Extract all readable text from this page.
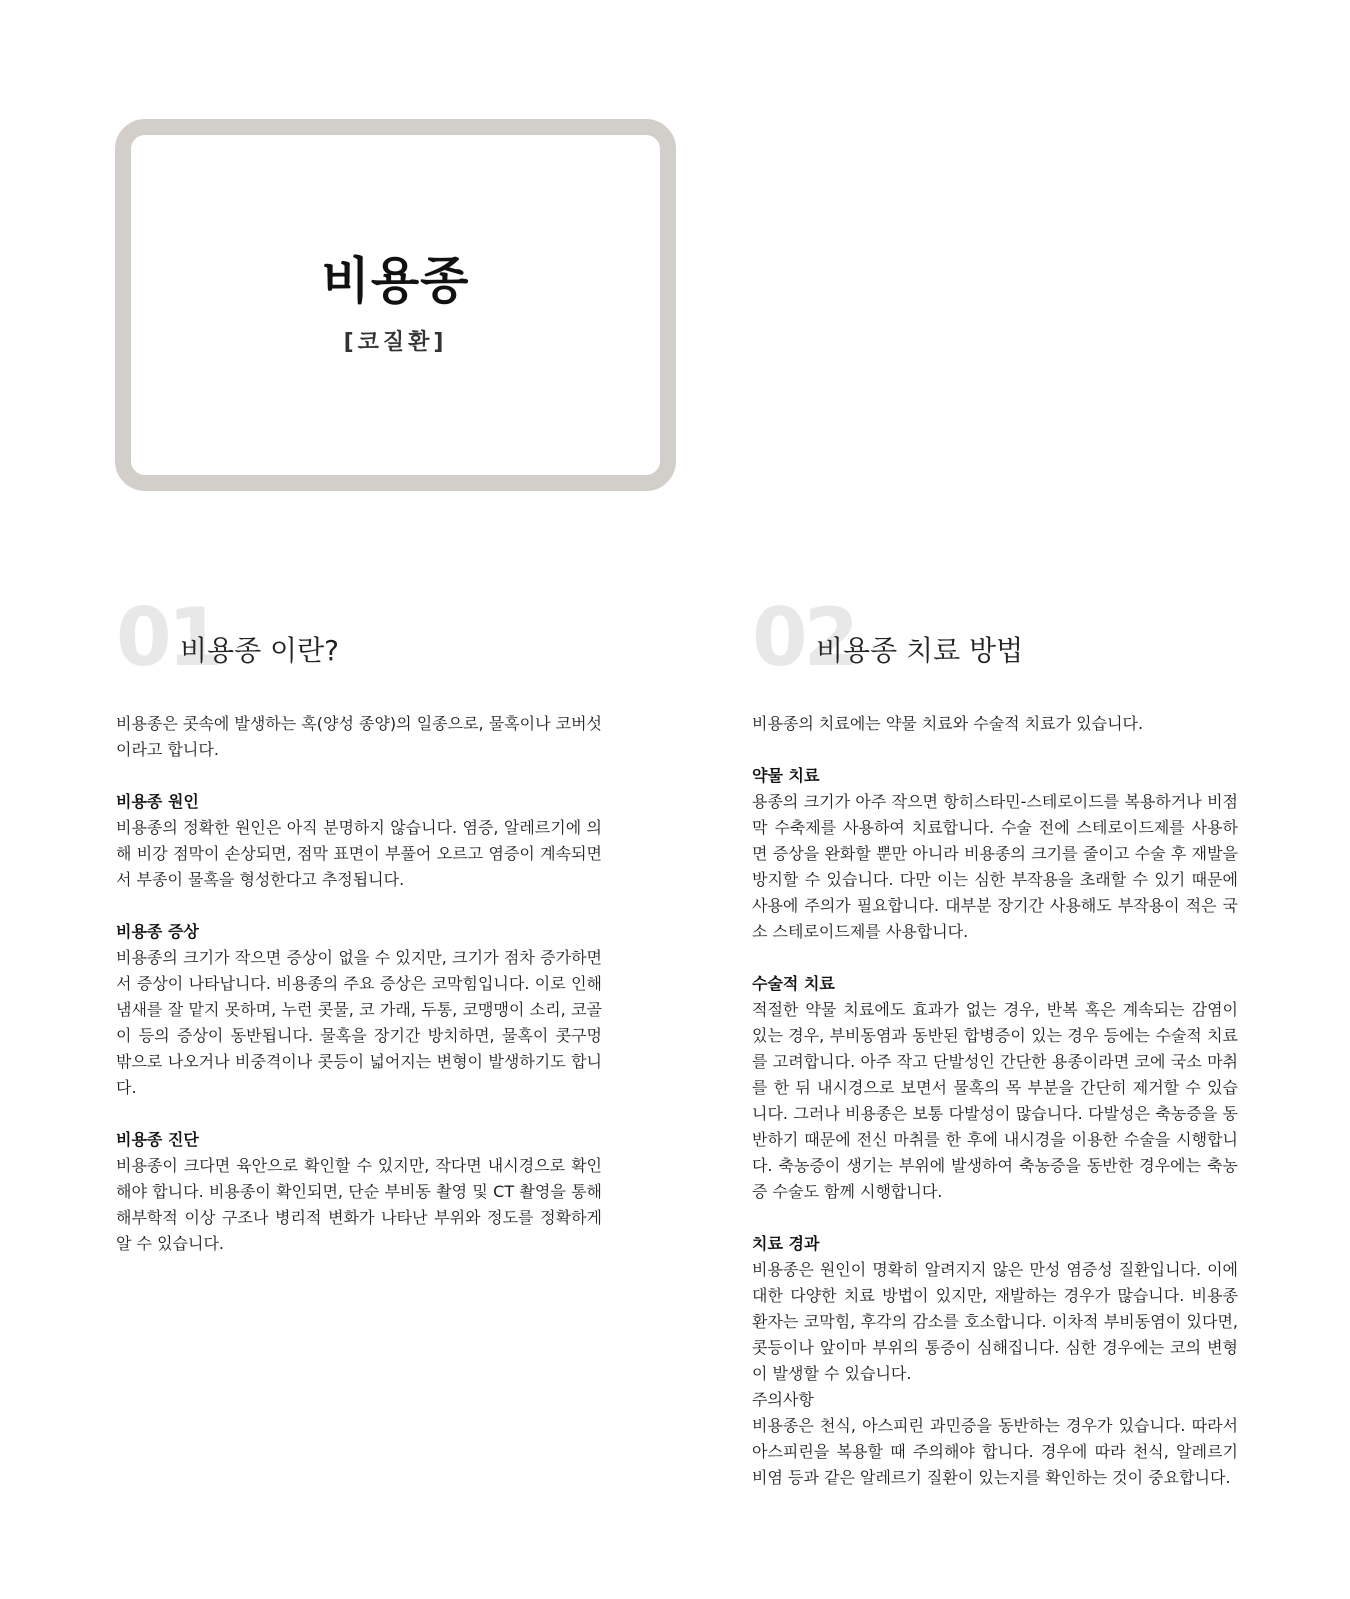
비용종
[코질환]
01
비용종 이란?

비용종은 콧속에 발생하는 혹(양성 종양)의 일종으로, 물혹이나 코버섯이라고 합니다.

비용종 원인

비용종의 정확한 원인은 아직 분명하지 않습니다. 염증, 알레르기에 의해 비강 점막이 손상되면, 점막 표면이 부풀어 오르고 염증이 계속되면서 부종이 물혹을 형성한다고 추정됩니다.

비용종 증상

비용종의 크기가 작으면 증상이 없을 수 있지만, 크기가 점차 증가하면서 증상이 나타납니다. 비용종의 주요 증상은 코막힘입니다. 이로 인해 냄새를 잘 맡지 못하며, 누런 콧물, 코 가래, 두통, 코맹맹이 소리, 코골이 등의 증상이 동반됩니다. 물혹을 장기간 방치하면, 물혹이 콧구멍 밖으로 나오거나 비중격이나 콧등이 넓어지는 변형이 발생하기도 합니다.

비용종 진단

비용종이 크다면 육안으로 확인할 수 있지만, 작다면 내시경으로 확인해야 합니다. 비용종이 확인되면, 단순 부비동 촬영 및 CT 촬영을 통해 해부학적 이상 구조나 병리적 변화가 나타난 부위와 정도를 정확하게 알 수 있습니다.

02
비용종 치료 방법

비용종의 치료에는 약물 치료와 수술적 치료가 있습니다.

약물 치료

용종의 크기가 아주 작으면 항히스타민-스테로이드를 복용하거나 비점막 수축제를 사용하여 치료합니다. 수술 전에 스테로이드제를 사용하면 증상을 완화할 뿐만 아니라 비용종의 크기를 줄이고 수술 후 재발을 방지할 수 있습니다. 다만 이는 심한 부작용을 초래할 수 있기 때문에 사용에 주의가 필요합니다. 대부분 장기간 사용해도 부작용이 적은 국소 스테로이드제를 사용합니다.

수술적 치료

적절한 약물 치료에도 효과가 없는 경우, 반복 혹은 계속되는 감염이 있는 경우, 부비동염과 동반된 합병증이 있는 경우 등에는 수술적 치료를 고려합니다. 아주 작고 단발성인 간단한 용종이라면 코에 국소 마취를 한 뒤 내시경으로 보면서 물혹의 목 부분을 간단히 제거할 수 있습니다. 그러나 비용종은 보통 다발성이 많습니다. 다발성은 축농증을 동반하기 때문에 전신 마취를 한 후에 내시경을 이용한 수술을 시행합니다. 축농증이 생기는 부위에 발생하여 축농증을 동반한 경우에는 축농증 수술도 함께 시행합니다.

치료 경과

비용종은 원인이 명확히 알려지지 않은 만성 염증성 질환입니다. 이에 대한 다양한 치료 방법이 있지만, 재발하는 경우가 많습니다. 비용종 환자는 코막힘, 후각의 감소를 호소합니다. 이차적 부비동염이 있다면, 콧등이나 앞이마 부위의 통증이 심해집니다. 심한 경우에는 코의 변형이 발생할 수 있습니다.

주의사항

비용종은 천식, 아스피린 과민증을 동반하는 경우가 있습니다. 따라서 아스피린을 복용할 때 주의해야 합니다. 경우에 따라 천식, 알레르기 비염 등과 같은 알레르기 질환이 있는지를 확인하는 것이 중요합니다.
